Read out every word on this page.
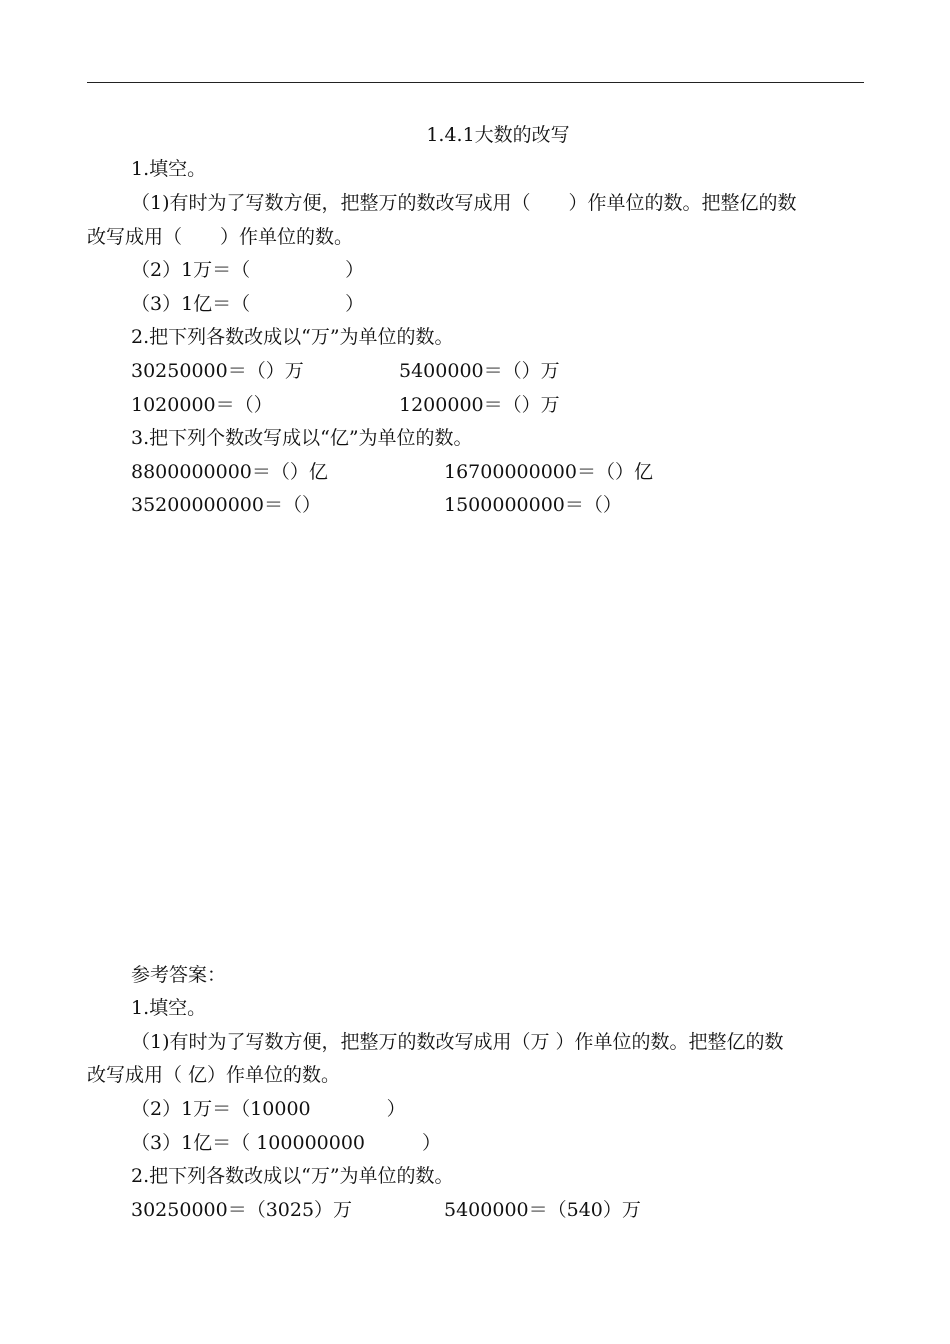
1.4.1大数的改写
1.填空。
（1)有时为了写数方便，把整万的数改写成用（　　）作单位的数。把整亿的数
改写成用（　　）作单位的数。
（2）1万＝（　　　　　）
（3）1亿＝（　　　　　）
2.把下列各数改成以“万”为单位的数。
30250000＝（）万	5400000＝（）万
1020000＝（）	1200000＝（）万
3.把下列个数改写成以“亿”为单位的数。
8800000000＝（）亿	16700000000＝（）亿
35200000000＝（）	1500000000＝（）
参考答案：
1.填空。
（1)有时为了写数方便，把整万的数改写成用（万 ）作单位的数。把整亿的数
改写成用（ 亿）作单位的数。
（2）1万＝（10000　　　　）
（3）1亿＝（ 100000000　　　）
2.把下列各数改成以“万”为单位的数。
30250000＝（3025）万	5400000＝（540）万
